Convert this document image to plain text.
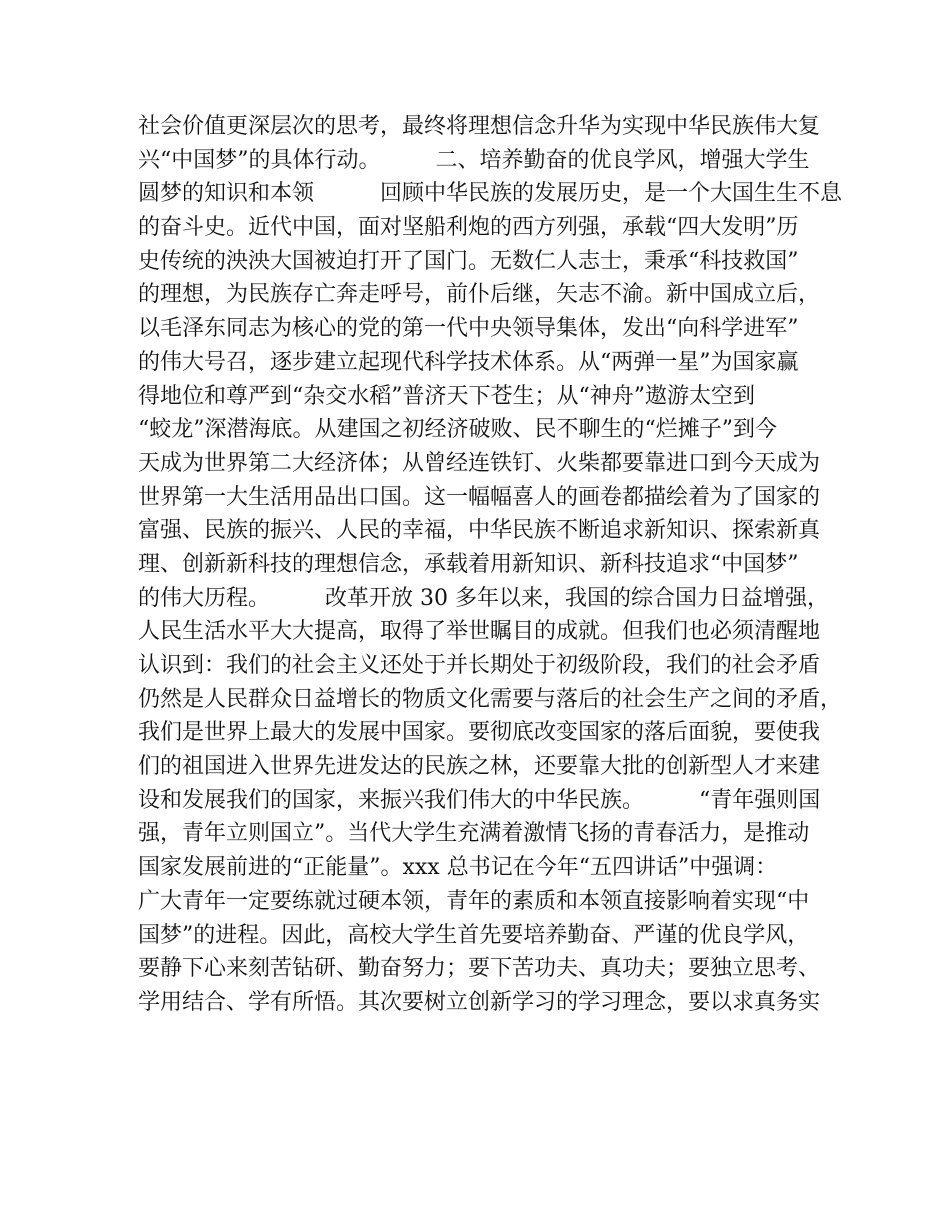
社会价值更深层次的思考，最终将理想信念升华为实现中华民族伟大复
兴“中国梦”的具体行动。　　　二、培养勤奋的优良学风，增强大学生
圆梦的知识和本领　　　回顾中华民族的发展历史，是一个大国生生不息
的奋斗史。近代中国，面对坚船利炮的西方列强，承载“四大发明”历
史传统的泱泱大国被迫打开了国门。无数仁人志士，秉承“科技救国”
的理想，为民族存亡奔走呼号，前仆后继，矢志不渝。新中国成立后，
以毛泽东同志为核心的党的第一代中央领导集体，发出“向科学进军”
的伟大号召，逐步建立起现代科学技术体系。从“两弹一星”为国家赢
得地位和尊严到“杂交水稻”普济天下苍生；从“神舟”遨游太空到
“蛟龙”深潜海底。从建国之初经济破败、民不聊生的“烂摊子”到今
天成为世界第二大经济体；从曾经连铁钉、火柴都要靠进口到今天成为
世界第一大生活用品出口国。这一幅幅喜人的画卷都描绘着为了国家的
富强、民族的振兴、人民的幸福，中华民族不断追求新知识、探索新真
理、创新新科技的理想信念，承载着用新知识、新科技追求“中国梦”
的伟大历程。　　　改革开放 30 多年以来，我国的综合国力日益增强，
人民生活水平大大提高，取得了举世瞩目的成就。但我们也必须清醒地
认识到：我们的社会主义还处于并长期处于初级阶段，我们的社会矛盾
仍然是人民群众日益增长的物质文化需要与落后的社会生产之间的矛盾，
我们是世界上最大的发展中国家。要彻底改变国家的落后面貌，要使我
们的祖国进入世界先进发达的民族之林，还要靠大批的创新型人才来建
设和发展我们的国家，来振兴我们伟大的中华民族。　　　“青年强则国
强，青年立则国立”。当代大学生充满着激情飞扬的青春活力，是推动
国家发展前进的“正能量”。xxx 总书记在今年“五四讲话”中强调：
广大青年一定要练就过硬本领，青年的素质和本领直接影响着实现“中
国梦”的进程。因此，高校大学生首先要培养勤奋、严谨的优良学风，
要静下心来刻苦钻研、勤奋努力；要下苦功夫、真功夫；要独立思考、
学用结合、学有所悟。其次要树立创新学习的学习理念，要以求真务实
